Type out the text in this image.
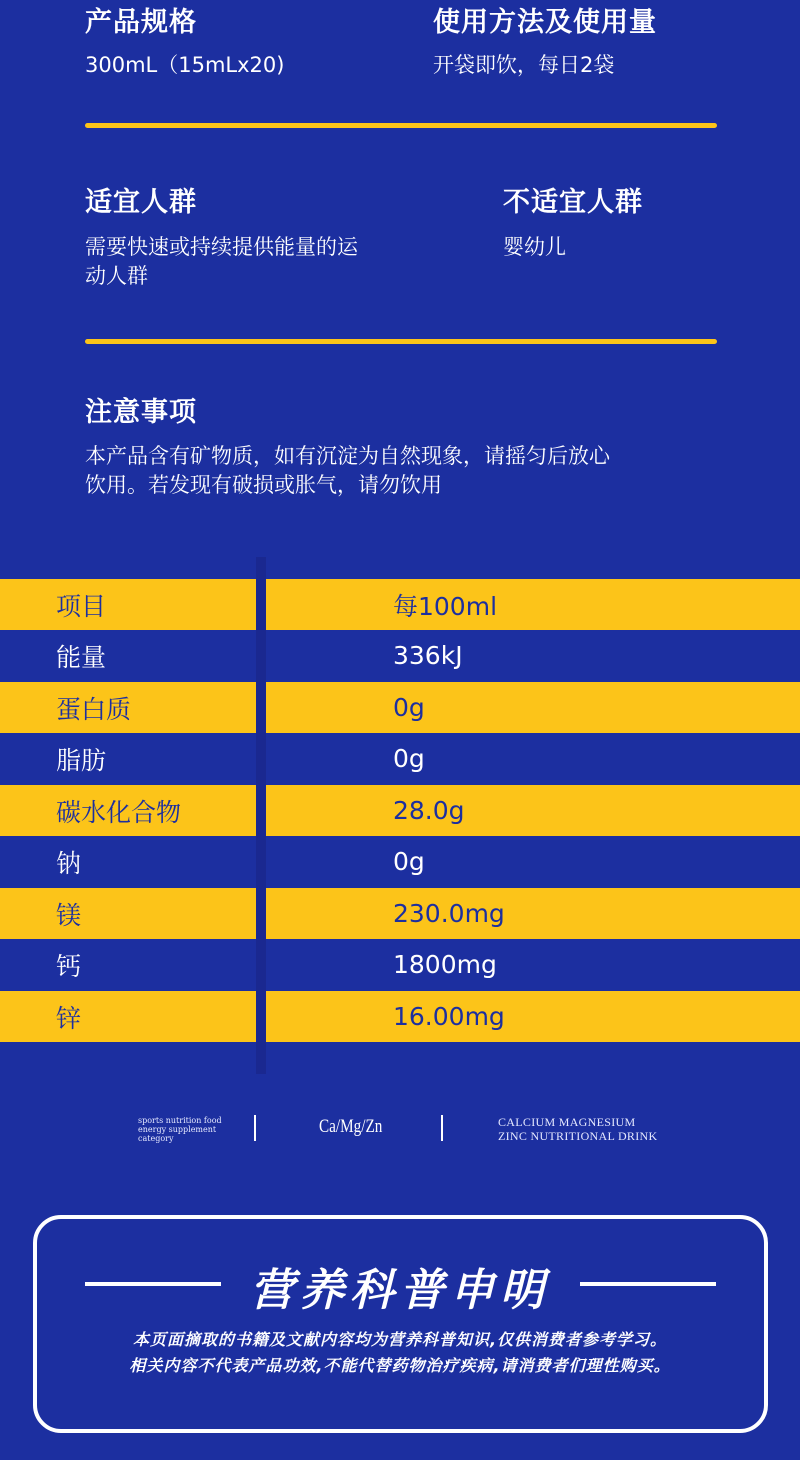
产品规格
300mL（15mLx20)
使用方法及使用量
开袋即饮，每日2袋
适宜人群
需要快速或持续提供能量的运
动人群
不适宜人群
婴幼儿
注意事项
本产品含有矿物质，如有沉淀为自然现象，请摇匀后放心
饮用。若发现有破损或胀气，请勿饮用
项目	每100ml
能量	336kJ
蛋白质	0g
脂肪	0g
碳水化合物	28.0g
钠	0g
镁	230.0mg
钙	1800mg
锌	16.00mg
sports nutrition food
energy supplement
category
Ca/Mg/Zn	CALCIUM MAGNESIUM
ZINC NUTRITIONAL DRINK
营养科普申明
本页面摘取的书籍及文献内容均为营养科普知识,仅供消费者参考学习。
相关内容不代表产品功效,不能代替药物治疗疾病,请消费者们理性购买。
